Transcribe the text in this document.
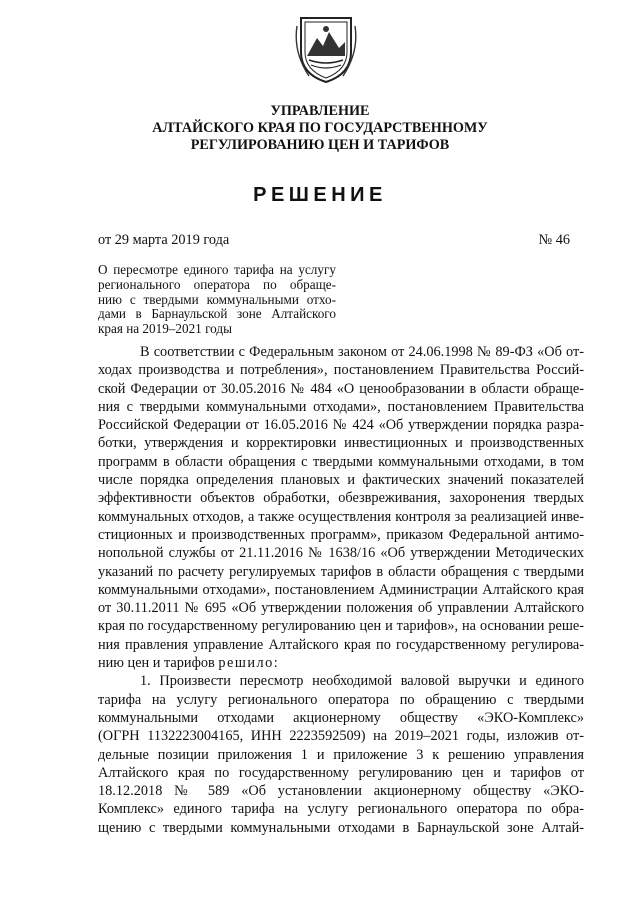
УПРАВЛЕНИЕ
АЛТАЙСКОГО КРАЯ ПО ГОСУДАРСТВЕННОМУ
РЕГУЛИРОВАНИЮ ЦЕН И ТАРИФОВ
РЕШЕНИЕ
от 29 марта 2019 года	№ 46
О пересмотре единого тарифа на услугу
регионального оператора по обраще-
нию с твердыми коммунальными отхо-
дами в Барнаульской зоне Алтайского
края на 2019–2021 годы
В соответствии с Федеральным законом от 24.06.1998 № 89-ФЗ «Об от-
ходах производства и потребления», постановлением Правительства Россий-
ской Федерации от 30.05.2016 № 484 «О ценообразовании в области обраще-
ния с твердыми коммунальными отходами», постановлением Правительства
Российской Федерации от 16.05.2016 № 424 «Об утверждении порядка разра-
ботки, утверждения и корректировки инвестиционных и производственных
программ в области обращения с твердыми коммунальными отходами, в том
числе порядка определения плановых и фактических значений показателей
эффективности объектов обработки, обезвреживания, захоронения твердых
коммунальных отходов, а также осуществления контроля за реализацией инве-
стиционных и производственных программ», приказом Федеральной антимо-
нопольной службы от 21.11.2016 № 1638/16 «Об утверждении Методических
указаний по расчету регулируемых тарифов в области обращения с твердыми
коммунальными отходами», постановлением Администрации Алтайского края
от 30.11.2011 № 695 «Об утверждении положения об управлении Алтайского
края по государственному регулированию цен и тарифов», на основании реше-
ния правления управление Алтайского края по государственному регулирова-
нию цен и тарифов решило:
1. Произвести пересмотр необходимой валовой выручки и единого
тарифа на услугу регионального оператора по обращению с твердыми
коммунальными отходами акционерному обществу «ЭКО-Комплекс»
(ОГРН 1132223004165, ИНН 2223592509) на 2019–2021 годы, изложив от-
дельные позиции приложения 1 и приложение 3 к решению управления
Алтайского края по государственному регулированию цен и тарифов от
18.12.2018 № 589 «Об установлении акционерному обществу «ЭКО-
Комплекс» единого тарифа на услугу регионального оператора по обра-
щению с твердыми коммунальными отходами в Барнаульской зоне Алтай-
